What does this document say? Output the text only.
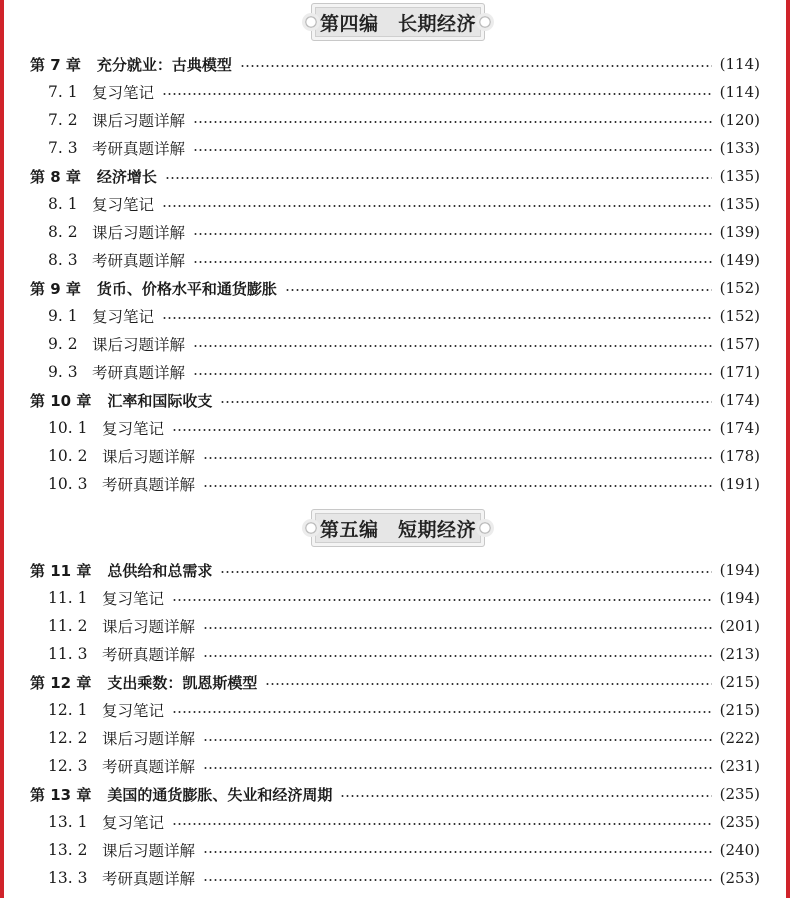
第四编　长期经济
第 7 章 充分就业：古典模型	(114)
7. 1 复习笔记	(114)
7. 2 课后习题详解	(120)
7. 3 考研真题详解	(133)
第 8 章 经济增长	(135)
8. 1 复习笔记	(135)
8. 2 课后习题详解	(139)
8. 3 考研真题详解	(149)
第 9 章 货币、价格水平和通货膨胀	(152)
9. 1 复习笔记	(152)
9. 2 课后习题详解	(157)
9. 3 考研真题详解	(171)
第 10 章 汇率和国际收支	(174)
10. 1 复习笔记	(174)
10. 2 课后习题详解	(178)
10. 3 考研真题详解	(191)
第五编　短期经济
第 11 章 总供给和总需求	(194)
11. 1 复习笔记	(194)
11. 2 课后习题详解	(201)
11. 3 考研真题详解	(213)
第 12 章 支出乘数：凯恩斯模型	(215)
12. 1 复习笔记	(215)
12. 2 课后习题详解	(222)
12. 3 考研真题详解	(231)
第 13 章 美国的通货膨胀、失业和经济周期	(235)
13. 1 复习笔记	(235)
13. 2 课后习题详解	(240)
13. 3 考研真题详解	(253)
